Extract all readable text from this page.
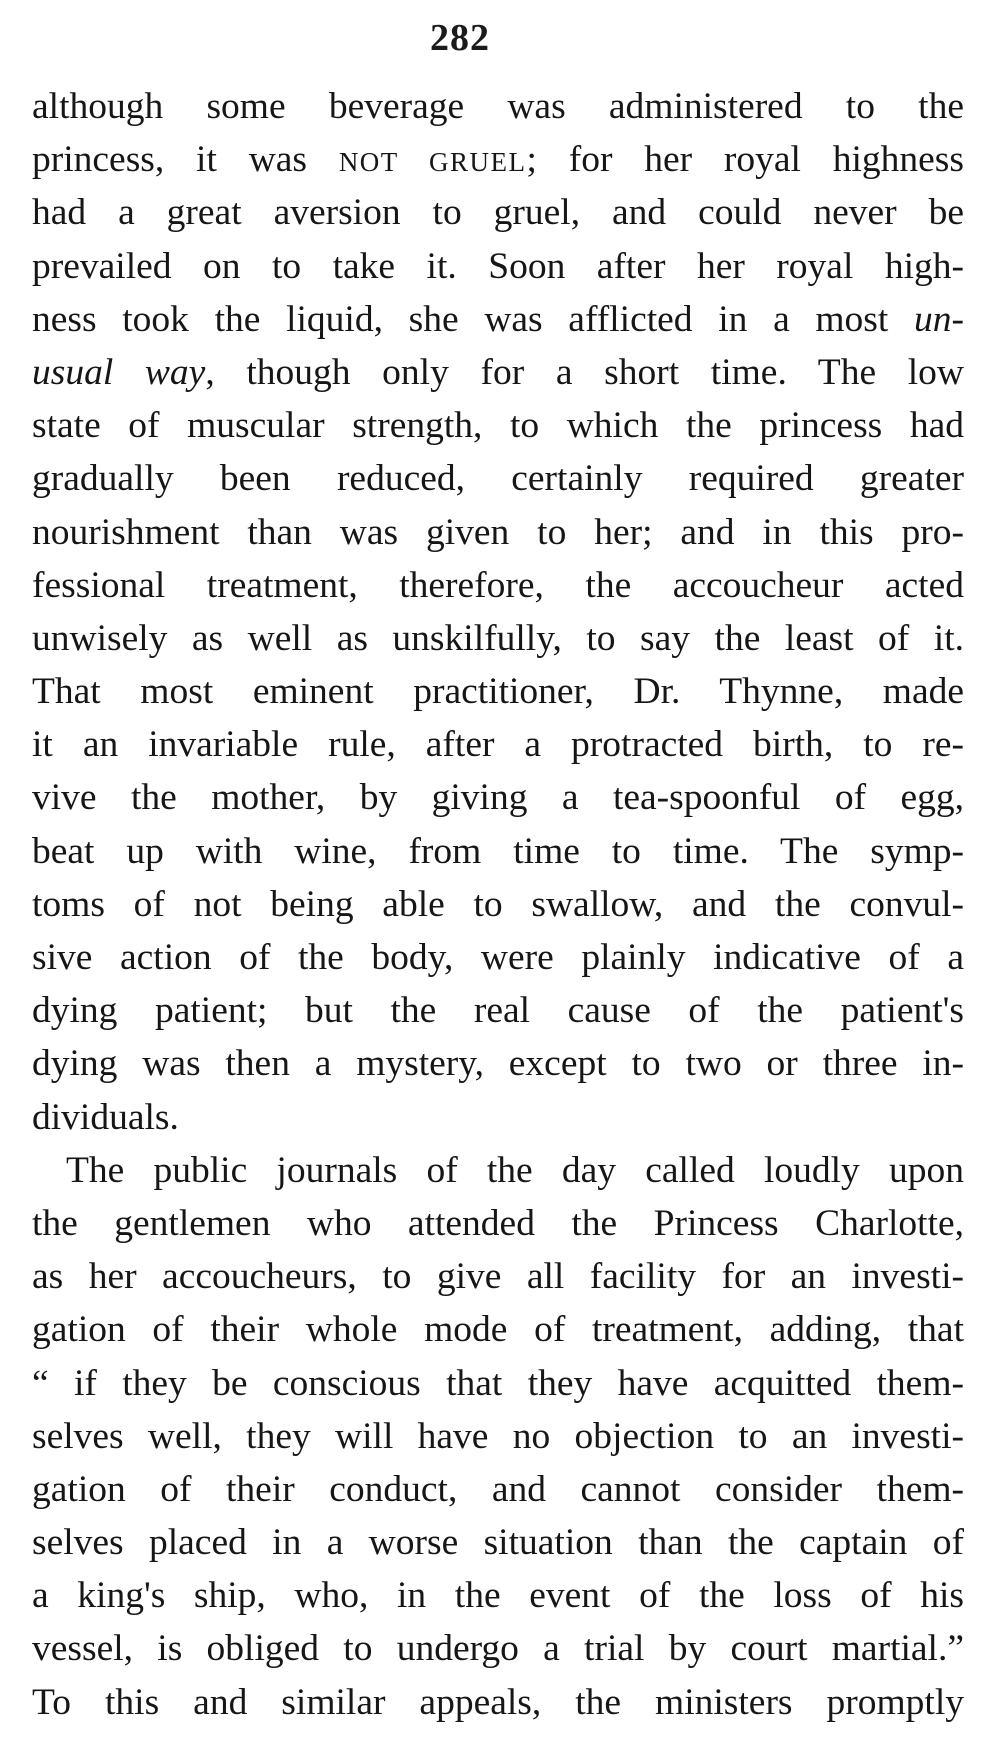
282
although some beverage was administered to the
princess, it was NOT GRUEL; for her royal highness
had a great aversion to gruel, and could never be
prevailed on to take it. Soon after her royal high-
ness took the liquid, she was afflicted in a most un-
usual way, though only for a short time. The low
state of muscular strength, to which the princess had
gradually been reduced, certainly required greater
nourishment than was given to her; and in this pro-
fessional treatment, therefore, the accoucheur acted
unwisely as well as unskilfully, to say the least of it.
That most eminent practitioner, Dr. Thynne, made
it an invariable rule, after a protracted birth, to re-
vive the mother, by giving a tea-spoonful of egg,
beat up with wine, from time to time. The symp-
toms of not being able to swallow, and the convul-
sive action of the body, were plainly indicative of a
dying patient; but the real cause of the patient's
dying was then a mystery, except to two or three in-
dividuals.
The public journals of the day called loudly upon
the gentlemen who attended the Princess Charlotte,
as her accoucheurs, to give all facility for an investi-
gation of their whole mode of treatment, adding, that
“ if they be conscious that they have acquitted them-
selves well, they will have no objection to an investi-
gation of their conduct, and cannot consider them-
selves placed in a worse situation than the captain of
a king's ship, who, in the event of the loss of his
vessel, is obliged to undergo a trial by court martial.”
To this and similar appeals, the ministers promptly
